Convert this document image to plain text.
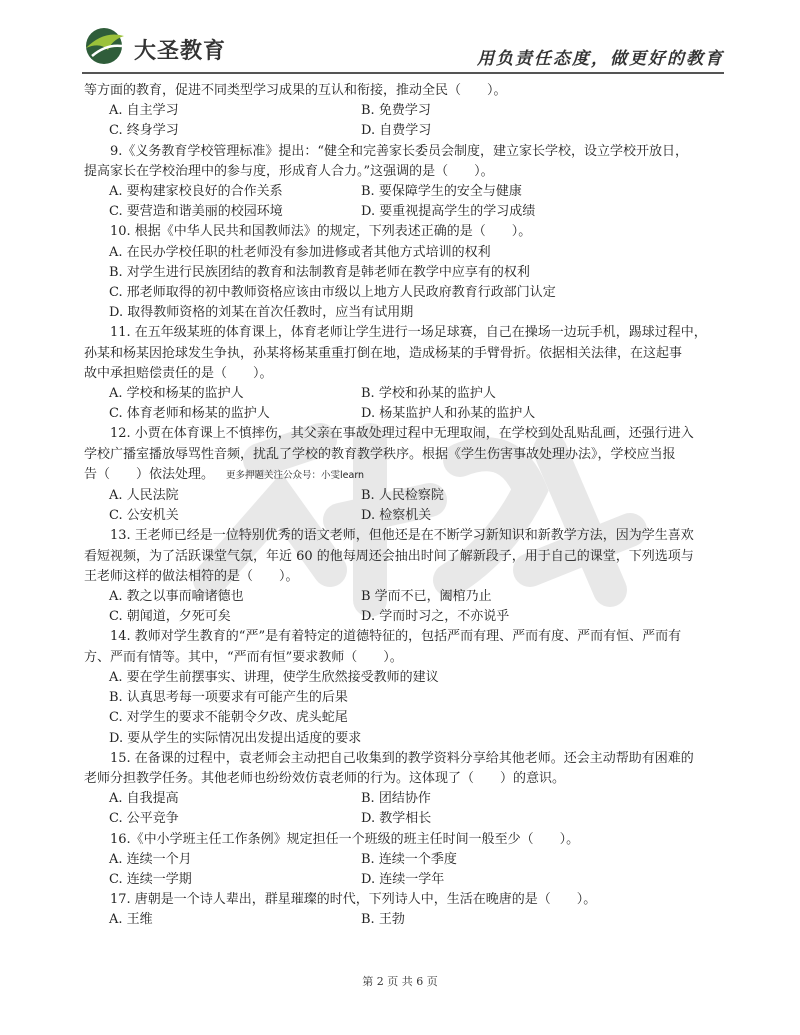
大圣教育	用负责任态度，做更好的教育

等方面的教育，促进不同类型学习成果的互认和衔接，推动全民（　　）。

A. 自主学习	B. 免费学习
C. 终身学习	D. 自费学习

9.《义务教育学校管理标准》提出：“健全和完善家长委员会制度，建立家长学校，设立学校开放日，

提高家长在学校治理中的参与度，形成育人合力。”这强调的是（　　）。

A. 要构建家校良好的合作关系	B. 要保障学生的安全与健康
C. 要营造和谐美丽的校园环境	D. 要重视提高学生的学习成绩

10. 根据《中华人民共和国教师法》的规定，下列表述正确的是（　　）。

A. 在民办学校任职的杜老师没有参加进修或者其他方式培训的权利
B. 对学生进行民族团结的教育和法制教育是韩老师在教学中应享有的权利
C. 邢老师取得的初中教师资格应该由市级以上地方人民政府教育行政部门认定
D. 取得教师资格的刘某在首次任教时，应当有试用期

11. 在五年级某班的体育课上，体育老师让学生进行一场足球赛，自己在操场一边玩手机，踢球过程中，

孙某和杨某因抢球发生争执，孙某将杨某重重打倒在地，造成杨某的手臂骨折。依据相关法律，在这起事

故中承担赔偿责任的是（　　）。

A. 学校和杨某的监护人	B. 学校和孙某的监护人
C. 体育老师和杨某的监护人	D. 杨某监护人和孙某的监护人

12. 小贾在体育课上不慎摔伤，其父亲在事故处理过程中无理取闹，在学校到处乱贴乱画，还强行进入

学校广播室播放辱骂性音频，扰乱了学校的教育教学秩序。根据《学生伤害事故处理办法》，学校应当报

告（　　）依法处理。 更多押题关注公众号：小雯learn

A. 人民法院	B. 人民检察院
C. 公安机关	D. 检察机关

13. 王老师已经是一位特别优秀的语文老师，但他还是在不断学习新知识和新教学方法，因为学生喜欢

看短视频，为了活跃课堂气氛，年近 60 的他每周还会抽出时间了解新段子，用于自己的课堂，下列选项与

王老师这样的做法相符的是（　　）。

A. 教之以事而喻诸德也	B 学而不已，阖棺乃止
C. 朝闻道，夕死可矣	D. 学而时习之，不亦说乎

14. 教师对学生教育的“严”是有着特定的道德特征的，包括严而有理、严而有度、严而有恒、严而有

方、严而有情等。其中，“严而有恒”要求教师（　　）。

A. 要在学生前摆事实、讲理，使学生欣然接受教师的建议
B. 认真思考每一项要求有可能产生的后果
C. 对学生的要求不能朝令夕改、虎头蛇尾
D. 要从学生的实际情况出发提出适度的要求

15. 在备课的过程中，袁老师会主动把自己收集到的教学资料分享给其他老师。还会主动帮助有困难的

老师分担教学任务。其他老师也纷纷效仿袁老师的行为。这体现了（　　）的意识。

A. 自我提高	B. 团结协作
C. 公平竞争	D. 教学相长

16.《中小学班主任工作条例》规定担任一个班级的班主任时间一般至少（　　）。

A. 连续一个月	B. 连续一个季度
C. 连续一学期	D. 连续一学年

17. 唐朝是一个诗人辈出，群星璀璨的时代，下列诗人中，生活在晚唐的是（　　）。

A. 王维	B. 王勃
第 2 页 共 6 页
